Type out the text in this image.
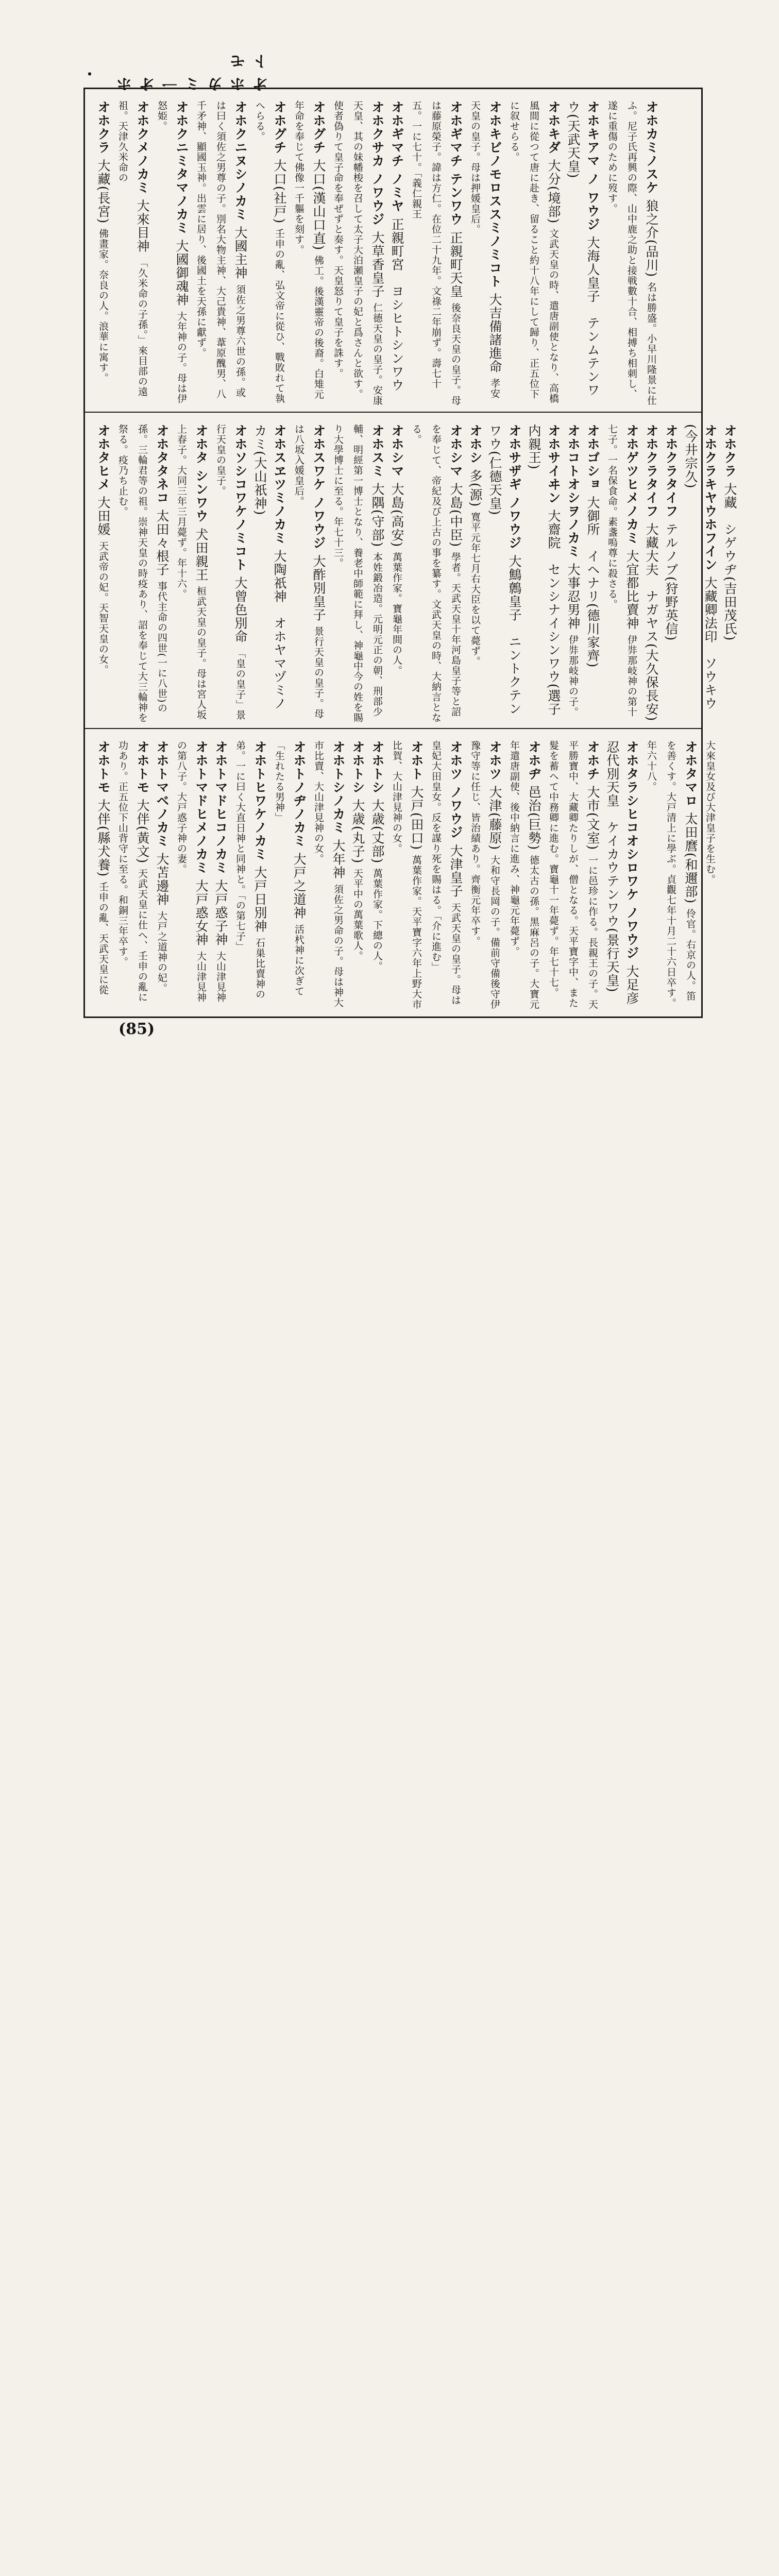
・ オホカミ一オホトモ

オホカミノスケ 狼之介(品川) 名は勝盛。小早川隆景に仕ふ。尼子氏再興の際、山中鹿之助と接戦數十合、相搏ち相刺し、遂に重傷のために歿す。

オホキアマ ノ ワウジ 大海人皇子　テンムテンワウ(天武天皇)

オホキダ 大分(境部) 文武天皇の時、遣唐副使となり、高橋風間に從つて唐に赴き、留ること約十八年にして歸り、正五位下に叙せらる。

オホキビノモロススミノミコト 大吉備諸進命 孝安天皇の皇子。母は押媛皇后。

オホギマチ テンワウ 正親町天皇 後奈良天皇の皇子。母は藤原榮子。諱は方仁。在位二十九年。文祿二年崩ず。壽七十五。一に七十。「義仁親王

オホギマチ ノミヤ 正親町宮　ヨシヒトシンワウ

オホクサカ ノワウジ 大草香皇子 仁德天皇の皇子。安康天皇、其の妹幡梭を召して太子大泊瀬皇子の妃と爲さんと欲す。使者偽りて皇子命を奉ぜずと奏す。天皇怒りて皇子を誅す。

オホグチ 大口(漢山口直) 佛工。後漢靈帝の後裔。白雉元年命を奉じて佛像一千軀を刻す。

オホグチ 大口(社戸) 壬申の亂、弘文帝に從ひ、戰敗れて執へらる。

オホクニヌシノカミ 大國主神 須佐之男尊六世の孫。或は曰く須佐之男尊の子。別名大物主神、大己貴神、葦原醜男、八千矛神、顯國玉神。出雲に居り、後國土を天孫に獻ず。

オホクニミタマノカミ 大國御魂神 大年神の子。母は伊怒姫。

オホクメノカミ 大來目神 「久米命の子孫。」來目部の遠祖。天津久米命の

オホクラ 大藏(長宮) 佛畫家。奈良の人。浪華に寓す。

オホクラ 大藏　シゲウヂ(吉田茂氏)

オホクラキヤウホフイン 大藏卿法印　ソウキウ(今井宗久)

オホクラタイフ テルノブ(狩野英信)

オホクラタイフ 大藏大夫　ナガヤス(大久保長安)

オホゲツヒメノカミ 大宜都比賣神 伊弉那岐神の第十七子。一名保食命。素盞嗚尊に殺さる。

オホゴショ 大御所　イヘナリ(德川家齊)

オホコトオシヲノカミ 大事忍男神 伊弉那岐神の子。

オホサイヰン 大齋院　センシナイシンワウ(選子内親王)

オホサザギ ノワウジ 大鷦鷯皇子　ニントクテンワウ(仁德天皇)

オホシ 多(源) 寛平元年七月右大臣を以て薨ず。

オホシマ 大島(中臣) 學者。天武天皇十年河島皇子等と詔を奉じて、帝紀及び上古の事を纂す。文武天皇の時、大納言となる。

オホシマ 大島(高安) 萬葉作家。寶龜年間の人。

オホスミ 大隅(守部) 本姓鍛冶造。元明元正の朝、刑部少輔、明經第一博士となり、養老中師範に拜し、神龜中今の姓を賜り大學博士に至る。年七十三。

オホスワケ ノワウジ 大酢別皇子 景行天皇の皇子。母は八坂入媛皇后。

オホスヱツミノカミ 大陶祇神　オホヤマヅミノカミ(大山祇神)

オホソシコワケノミコト 大曾色別命 「皇の皇子」景行天皇の皇子。

オホタ シンワウ 犬田親王 桓武天皇の皇子。母は宮人坂上春子。大同三年三月薨ず。年十六。

オホタタネコ 太田々根子 事代主命の四世(一に八世)の孫。三輪君等の祖。崇神天皇の時疫あり、詔を奉じて大三輪神を祭る。疫乃ち止む。

オホタヒメ 大田媛 天武帝の妃。天智天皇の女。

大來皇女及び大津皇子を生む。

オホタマロ 太田麿(和邇部) 伶官。右京の人。笛を善くす。大戸清上に學ぶ。貞觀七年十月二十六日卒す。年六十八。

オホタラシヒコオシロワケ ノワウジ 大足彦忍代別天皇　ケイカウテンワウ(景行天皇)

オホチ 大市(文室) 一に邑珍に作る。長親王の子。天平勝寶中、大藏卿たりしが、僧となる。天平寶字中、また髮を蓄へて中務卿に進む。寶龜十一年薨ず。年七十七。

オホヂ 邑治(巨勢) 德太古の孫。黑麻呂の子。大寶元年遣唐副使、後中納言に進み、神龜元年薨ず。

オホツ 大津(藤原) 大和守長岡の子。備前守備後守伊豫守等に任じ、皆治績あり。齊衡元年卒す。

オホツ ノワウジ 大津皇子 天武天皇の皇子。母は皇妃大田皇女。反を謀り死を賜はる。「介に進む」

オホト 大戸(田口) 萬葉作家。天平寶字六年上野大市比賀、大山津見神の女。

オホトシ 大歳(丈部) 萬葉作家。下總の人。

オホトシ 大歳(丸子) 天平中の萬葉歌人。

オホトシノカミ 大年神 須佐之男命の子。母は神大市比賣、大山津見神の女。

オホトノヂノカミ 大戸之道神 活杙神に次ぎて「生れたる男神」

オホトヒワケノカミ 大戸日別神 石巣比賣神の弟。一に曰く大直日神と同神と。「の第七子」

オホトマドヒコノカミ 大戸惑子神 大山津見神

オホトマドヒメノカミ 大戸惑女神 大山津見神の第八子。大戸惑子神の妻。

オホトマベノカミ 大苫邊神 大戸之道神の妃。

オホトモ 大伴(黃文) 天武天皇に仕へ、壬申の亂に功あり。正五位下山背守に至る。和銅三年卒す。

オホトモ 大伴(縣犬養) 壬申の亂、天武天皇に從

(85)
